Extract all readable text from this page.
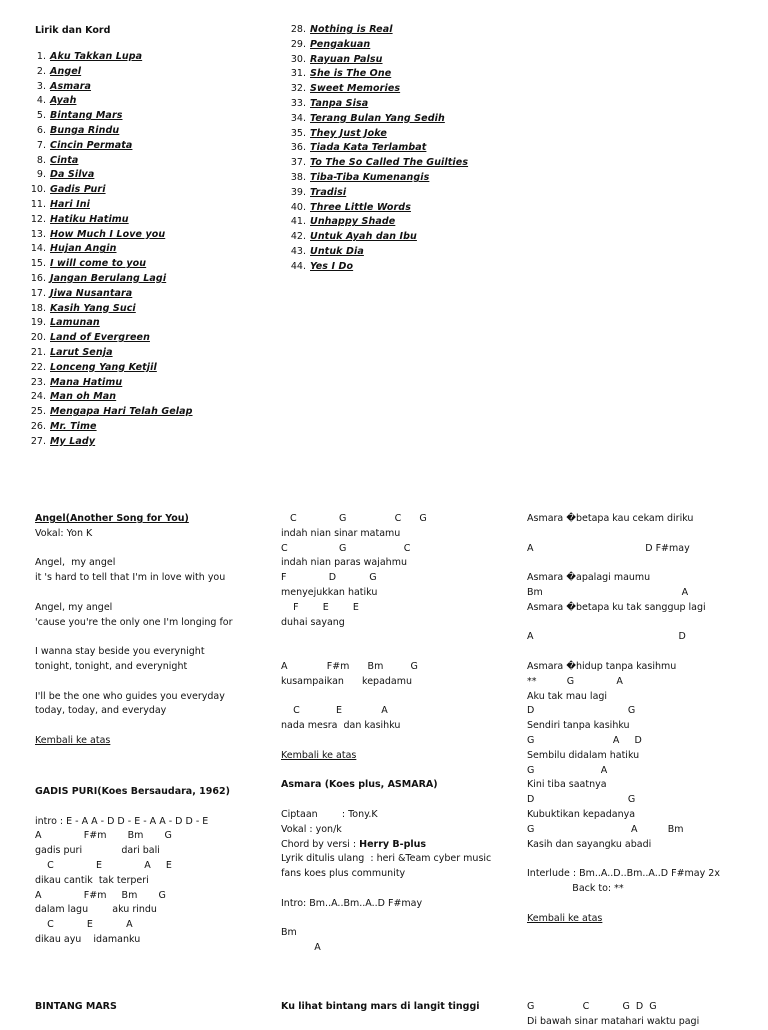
Lirik dan Kord
1. Aku Takkan Lupa
2. Angel
3. Asmara
4. Ayah
5. Bintang Mars
6. Bunga Rindu
7. Cincin Permata
8. Cinta
9. Da Silva
10. Gadis Puri
11. Hari Ini
12. Hatiku Hatimu
13. How Much I Love you
14. Hujan Angin
15. I will come to you
16. Jangan Berulang Lagi
17. Jiwa Nusantara
18. Kasih Yang Suci
19. Lamunan
20. Land of Evergreen
21. Larut Senja
22. Lonceng Yang Ketjil
23. Mana Hatimu
24. Man oh Man
25. Mengapa Hari Telah Gelap
26. Mr. Time
27. My Lady
28. Nothing is Real
29. Pengakuan
30. Rayuan Palsu
31. She is The One
32. Sweet Memories
33. Tanpa Sisa
34. Terang Bulan Yang Sedih
35. They Just Joke
36. Tiada Kata Terlambat
37. To The So Called The Guilties
38. Tiba-Tiba Kumenangis
39. Tradisi
40. Three Little Words
41. Unhappy Shade
42. Untuk Ayah dan Ibu
43. Untuk Dia
44. Yes I Do
Angel(Another Song for You)
Vokal: Yon K
Angel,  my angel
it 's hard to tell that I'm in love with you
Angel, my angel
'cause you're the only one I'm longing for
I wanna stay beside you everynight
tonight, tonight, and everynight
I'll be the one who guides you everyday
today, today, and everyday
Kembali ke atas
GADIS PURI(Koes Bersaudara, 1962)
intro : E - A A - D D - E - A A - D D - E
A              F#m       Bm       G
gadis puri             dari bali
C              E              A     E
dikau cantik  tak terperi
A              F#m     Bm       G
dalam lagu        aku rindu
C           E           A
dikau ayu    idamanku
C              G                C      G
indah nian sinar matamu
C                 G                   C
indah nian paras wajahmu
F              D           G
menyejukkan hatiku
F        E        E
duhai sayang
A             F#m      Bm         G
kusampaikan      kepadamu
C            E             A
nada mesra  dan kasihku
Kembali ke atas
Asmara (Koes plus, ASMARA)
Ciptaan        : Tony.K
Vokal : yon/k
Chord by versi : Herry B-plus
Lyrik ditulis ulang  : heri &Team cyber music
fans koes plus community
Intro: Bm..A..Bm..A..D F#may
Bm
A
Asmara �betapa kau cekam diriku
A                                     D F#may
Asmara �apalagi maumu
Bm                                              A
Asmara �betapa ku tak sanggup lagi
A                                                D
Asmara �hidup tanpa kasihmu
**          G              A
Aku tak mau lagi
D                               G
Sendiri tanpa kasihku
G                          A     D
Sembilu didalam hatiku
G                      A
Kini tiba saatnya
D                               G
Kubuktikan kepadanya
G                                A          Bm
Kasih dan sayangku abadi
Interlude : Bm..A..D..Bm..A..D F#may 2x
Back to: **
Kembali ke atas
BINTANG MARS	Ku lihat bintang mars di langit tinggi	G                C           G  D  G
Di bawah sinar matahari waktu pagi
